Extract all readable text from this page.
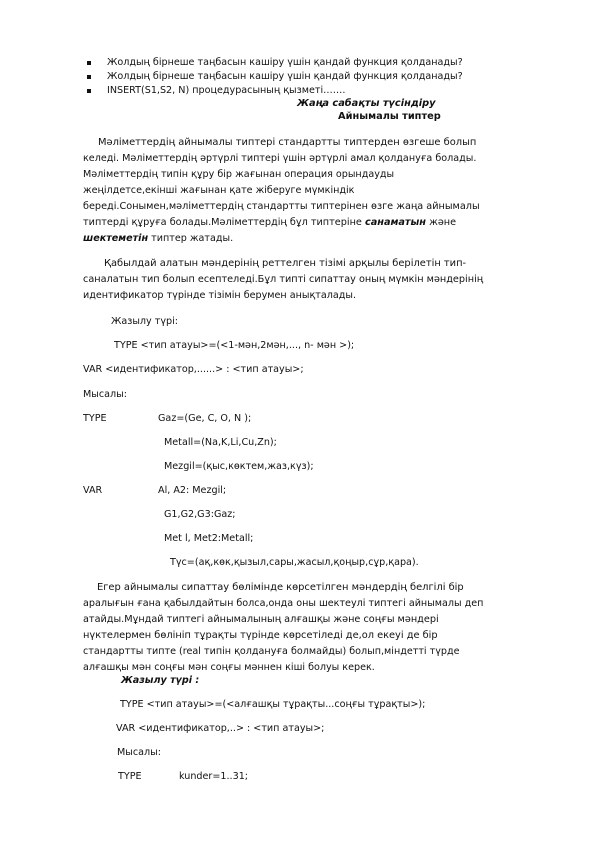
Жолдың бірнеше таңбасын кашіру үшін қандай функция қолданады?
Жолдың бірнеше таңбасын кашіру үшін қандай функция қолданады?
INSERT(S1,S2, N) процедурасының қызметі…….
Жаңа сабақты түсіндіру
Айнымалы типтер
Мәліметтердің айнымалы типтері стандартты типтерден өзгеше болып
келеді. Мәліметтердің әртүрлі типтері үшін әртүрлі амал қолдануға болады.
Мәліметтердің типін құру бір жағынан операция орындауды
жеңілдетсе,екінші жағынан қате жіберуге мүмкіндік
береді.Сонымен,мәліметтердің стандартты типтерінен өзге жаңа айнымалы
типтерді құруға болады.Мәліметтердің бұл типтеріне санаматын және
шектеметін типтер жатады.
Қабылдай алатын мәндерінің реттелген тізімі арқылы берілетін тип-
саналатын тип болып есептеледі.Бұл типті сипаттау оның мүмкін мәндерінің
идентификатор түрінде тізімін берумен анықталады.
Жазылу түрі:
TYPE <тип атауы>=(<1-мән,2мән,..., n- мән >);
VAR <идентификатор,......> : <тип атауы>;
Мысалы:
TYPE	Gaz=(Ge, C, O, N );
Metall=(Na,K,Li,Cu,Zn);
Mezgil=(қыс,көктем,жаз,күз);
VAR	Al, A2: Mezgil;
G1,G2,G3:Gaz;
Met l, Met2:Metall;
Түс=(ақ,көк,қызыл,сары,жасыл,қоңыр,сұр,қара).
Егер айнымалы сипаттау бөлімінде көрсетілген мәндердің белгілі бір
аралығын ғана қабылдайтын болса,онда оны шектеулі типтегі айнымалы деп
атайды.Мұндай типтегі айнымалының алғашқы және соңғы мәндері
нүктелермен бөлініп тұрақты түрінде көрсетіледі де,ол екеуі де бір
стандартты типте (real типін қолдануға болмайды) болып,міндетті түрде
алғашқы мән соңғы мән соңғы мәннен кіші болуы керек.
Жазылу түрі :
TYPE <тип атауы>=(<алғашқы тұрақты...соңғы тұрақты>);
VAR <идентификатор,..> : <тип атауы>;
Мысалы:
TYPE	kunder=1..31;
